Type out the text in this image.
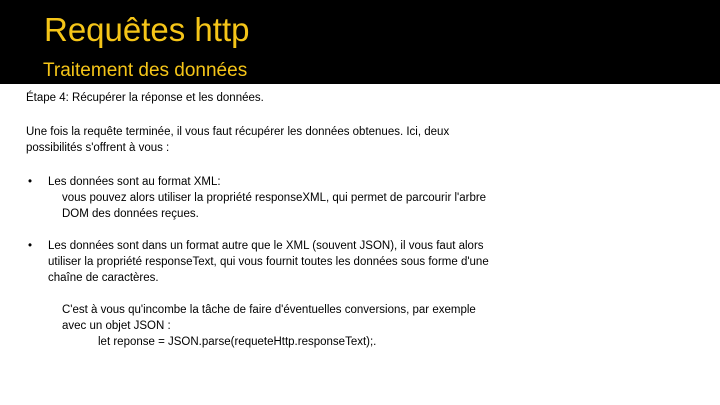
Requêtes http
Traitement des données

Étape 4: Récupérer la réponse et les données.

Une fois la requête terminée, il vous faut récupérer les données obtenues. Ici, deux
possibilités s'offrent à vous :
• Les données sont au format XML:
vous pouvez alors utiliser la propriété responseXML, qui permet de parcourir l'arbre
DOM des données reçues.
• Les données sont dans un format autre que le XML (souvent JSON), il vous faut alors
utiliser la propriété responseText, qui vous fournit toutes les données sous forme d'une
chaîne de caractères.
C'est à vous qu'incombe la tâche de faire d'éventuelles conversions, par exemple
avec un objet JSON :
let reponse = JSON.parse(requeteHttp.responseText);.
